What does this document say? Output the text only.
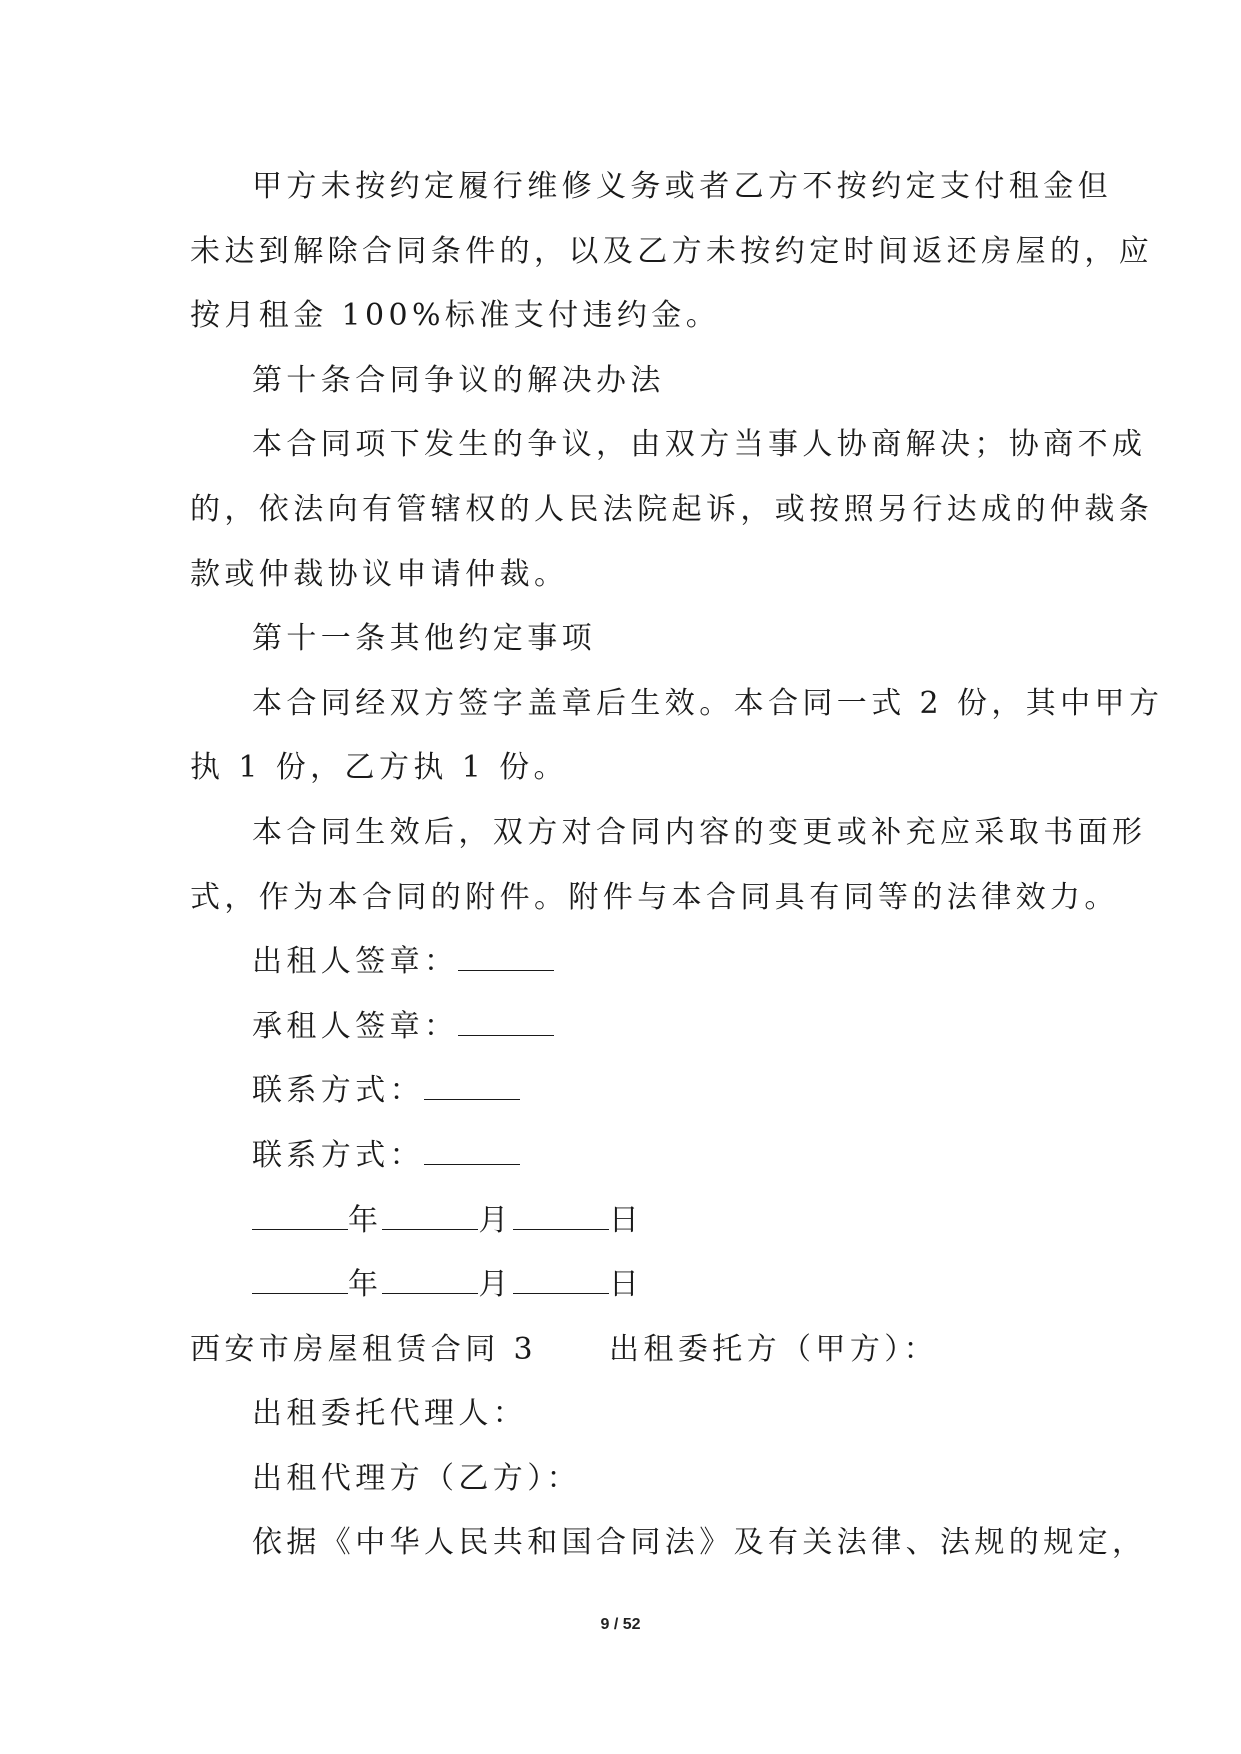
甲方未按约定履行维修义务或者乙方不按约定支付租金但
未达到解除合同条件的，以及乙方未按约定时间返还房屋的，应
按月租金 100%标准支付违约金。
第十条合同争议的解决办法
本合同项下发生的争议，由双方当事人协商解决；协商不成
的，依法向有管辖权的人民法院起诉，或按照另行达成的仲裁条
款或仲裁协议申请仲裁。
第十一条其他约定事项
本合同经双方签字盖章后生效。本合同一式 2 份，其中甲方
执 1 份，乙方执 1 份。
本合同生效后，双方对合同内容的变更或补充应采取书面形
式，作为本合同的附件。附件与本合同具有同等的法律效力。
出租人签章：
承租人签章：
联系方式：
联系方式：
年	月	日
年	月	日
西安市房屋租赁合同 3 出租委托方（甲方）：
出租委托代理人：
出租代理方（乙方）：
依据《中华人民共和国合同法》及有关法律、法规的规定，
9 / 52
